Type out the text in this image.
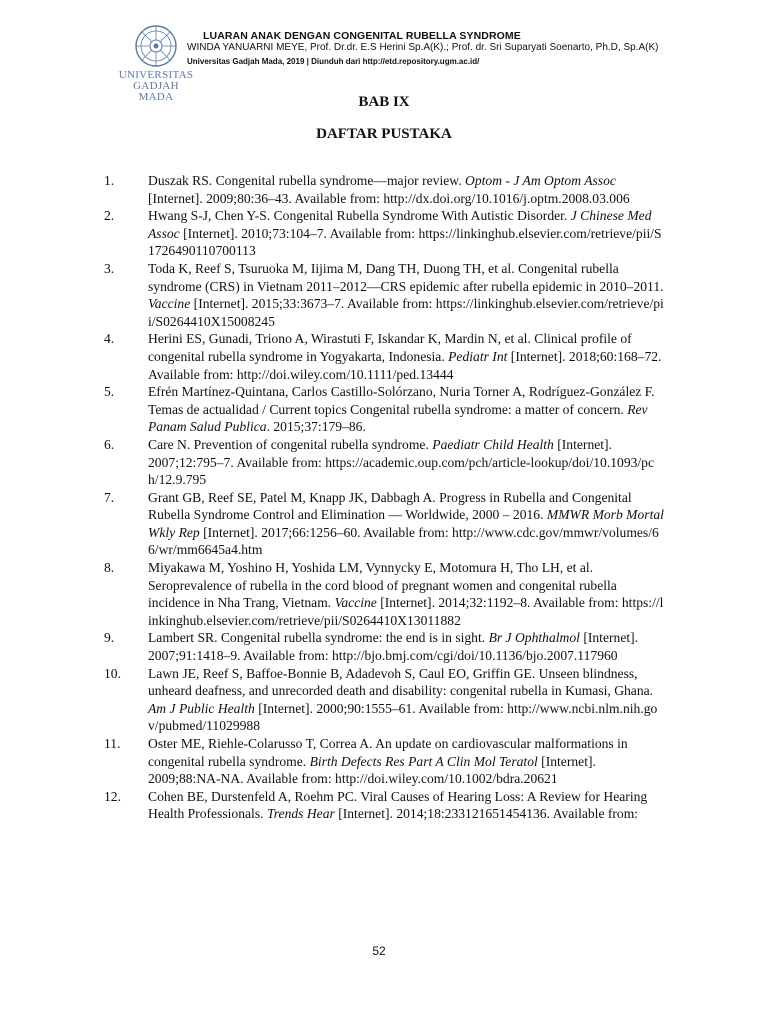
UNIVERSITAS GADJAH MADA
LUARAN ANAK DENGAN CONGENITAL RUBELLA SYNDROME
WINDA YANUARNI MEYE, Prof. Dr.dr. E.S Herini Sp.A(K).; Prof. dr. Sri Suparyati Soenarto, Ph.D, Sp.A(K)
Universitas Gadjah Mada, 2019 | Diunduh dari http://etd.repository.ugm.ac.id/
BAB IX
DAFTAR PUSTAKA
1. Duszak RS. Congenital rubella syndrome—major review. Optom - J Am Optom Assoc [Internet]. 2009;80:36–43. Available from: http://dx.doi.org/10.1016/j.optm.2008.03.006
2. Hwang S-J, Chen Y-S. Congenital Rubella Syndrome With Autistic Disorder. J Chinese Med Assoc [Internet]. 2010;73:104–7. Available from: https://linkinghub.elsevier.com/retrieve/pii/S1726490110700113
3. Toda K, Reef S, Tsuruoka M, Iijima M, Dang TH, Duong TH, et al. Congenital rubella syndrome (CRS) in Vietnam 2011–2012—CRS epidemic after rubella epidemic in 2010–2011. Vaccine [Internet]. 2015;33:3673–7. Available from: https://linkinghub.elsevier.com/retrieve/pii/S0264410X15008245
4. Herini ES, Gunadi, Triono A, Wirastuti F, Iskandar K, Mardin N, et al. Clinical profile of congenital rubella syndrome in Yogyakarta, Indonesia. Pediatr Int [Internet]. 2018;60:168–72. Available from: http://doi.wiley.com/10.1111/ped.13444
5. Efrén Martínez-Quintana, Carlos Castillo-Solórzano, Nuria Torner A, Rodríguez-González F. Temas de actualidad / Current topics Congenital rubella syndrome: a matter of concern. Rev Panam Salud Publica. 2015;37:179–86.
6. Care N. Prevention of congenital rubella syndrome. Paediatr Child Health [Internet]. 2007;12:795–7. Available from: https://academic.oup.com/pch/article-lookup/doi/10.1093/pch/12.9.795
7. Grant GB, Reef SE, Patel M, Knapp JK, Dabbagh A. Progress in Rubella and Congenital Rubella Syndrome Control and Elimination — Worldwide, 2000 – 2016. MMWR Morb Mortal Wkly Rep [Internet]. 2017;66:1256–60. Available from: http://www.cdc.gov/mmwr/volumes/66/wr/mm6645a4.htm
8. Miyakawa M, Yoshino H, Yoshida LM, Vynnycky E, Motomura H, Tho LH, et al. Seroprevalence of rubella in the cord blood of pregnant women and congenital rubella incidence in Nha Trang, Vietnam. Vaccine [Internet]. 2014;32:1192–8. Available from: https://linkinghub.elsevier.com/retrieve/pii/S0264410X13011882
9. Lambert SR. Congenital rubella syndrome: the end is in sight. Br J Ophthalmol [Internet]. 2007;91:1418–9. Available from: http://bjo.bmj.com/cgi/doi/10.1136/bjo.2007.117960
10. Lawn JE, Reef S, Baffoe-Bonnie B, Adadevoh S, Caul EO, Griffin GE. Unseen blindness, unheard deafness, and unrecorded death and disability: congenital rubella in Kumasi, Ghana. Am J Public Health [Internet]. 2000;90:1555–61. Available from: http://www.ncbi.nlm.nih.gov/pubmed/11029988
11. Oster ME, Riehle-Colarusso T, Correa A. An update on cardiovascular malformations in congenital rubella syndrome. Birth Defects Res Part A Clin Mol Teratol [Internet]. 2009;88:NA-NA. Available from: http://doi.wiley.com/10.1002/bdra.20621
12. Cohen BE, Durstenfeld A, Roehm PC. Viral Causes of Hearing Loss: A Review for Hearing Health Professionals. Trends Hear [Internet]. 2014;18:233121651454136. Available from:
52
